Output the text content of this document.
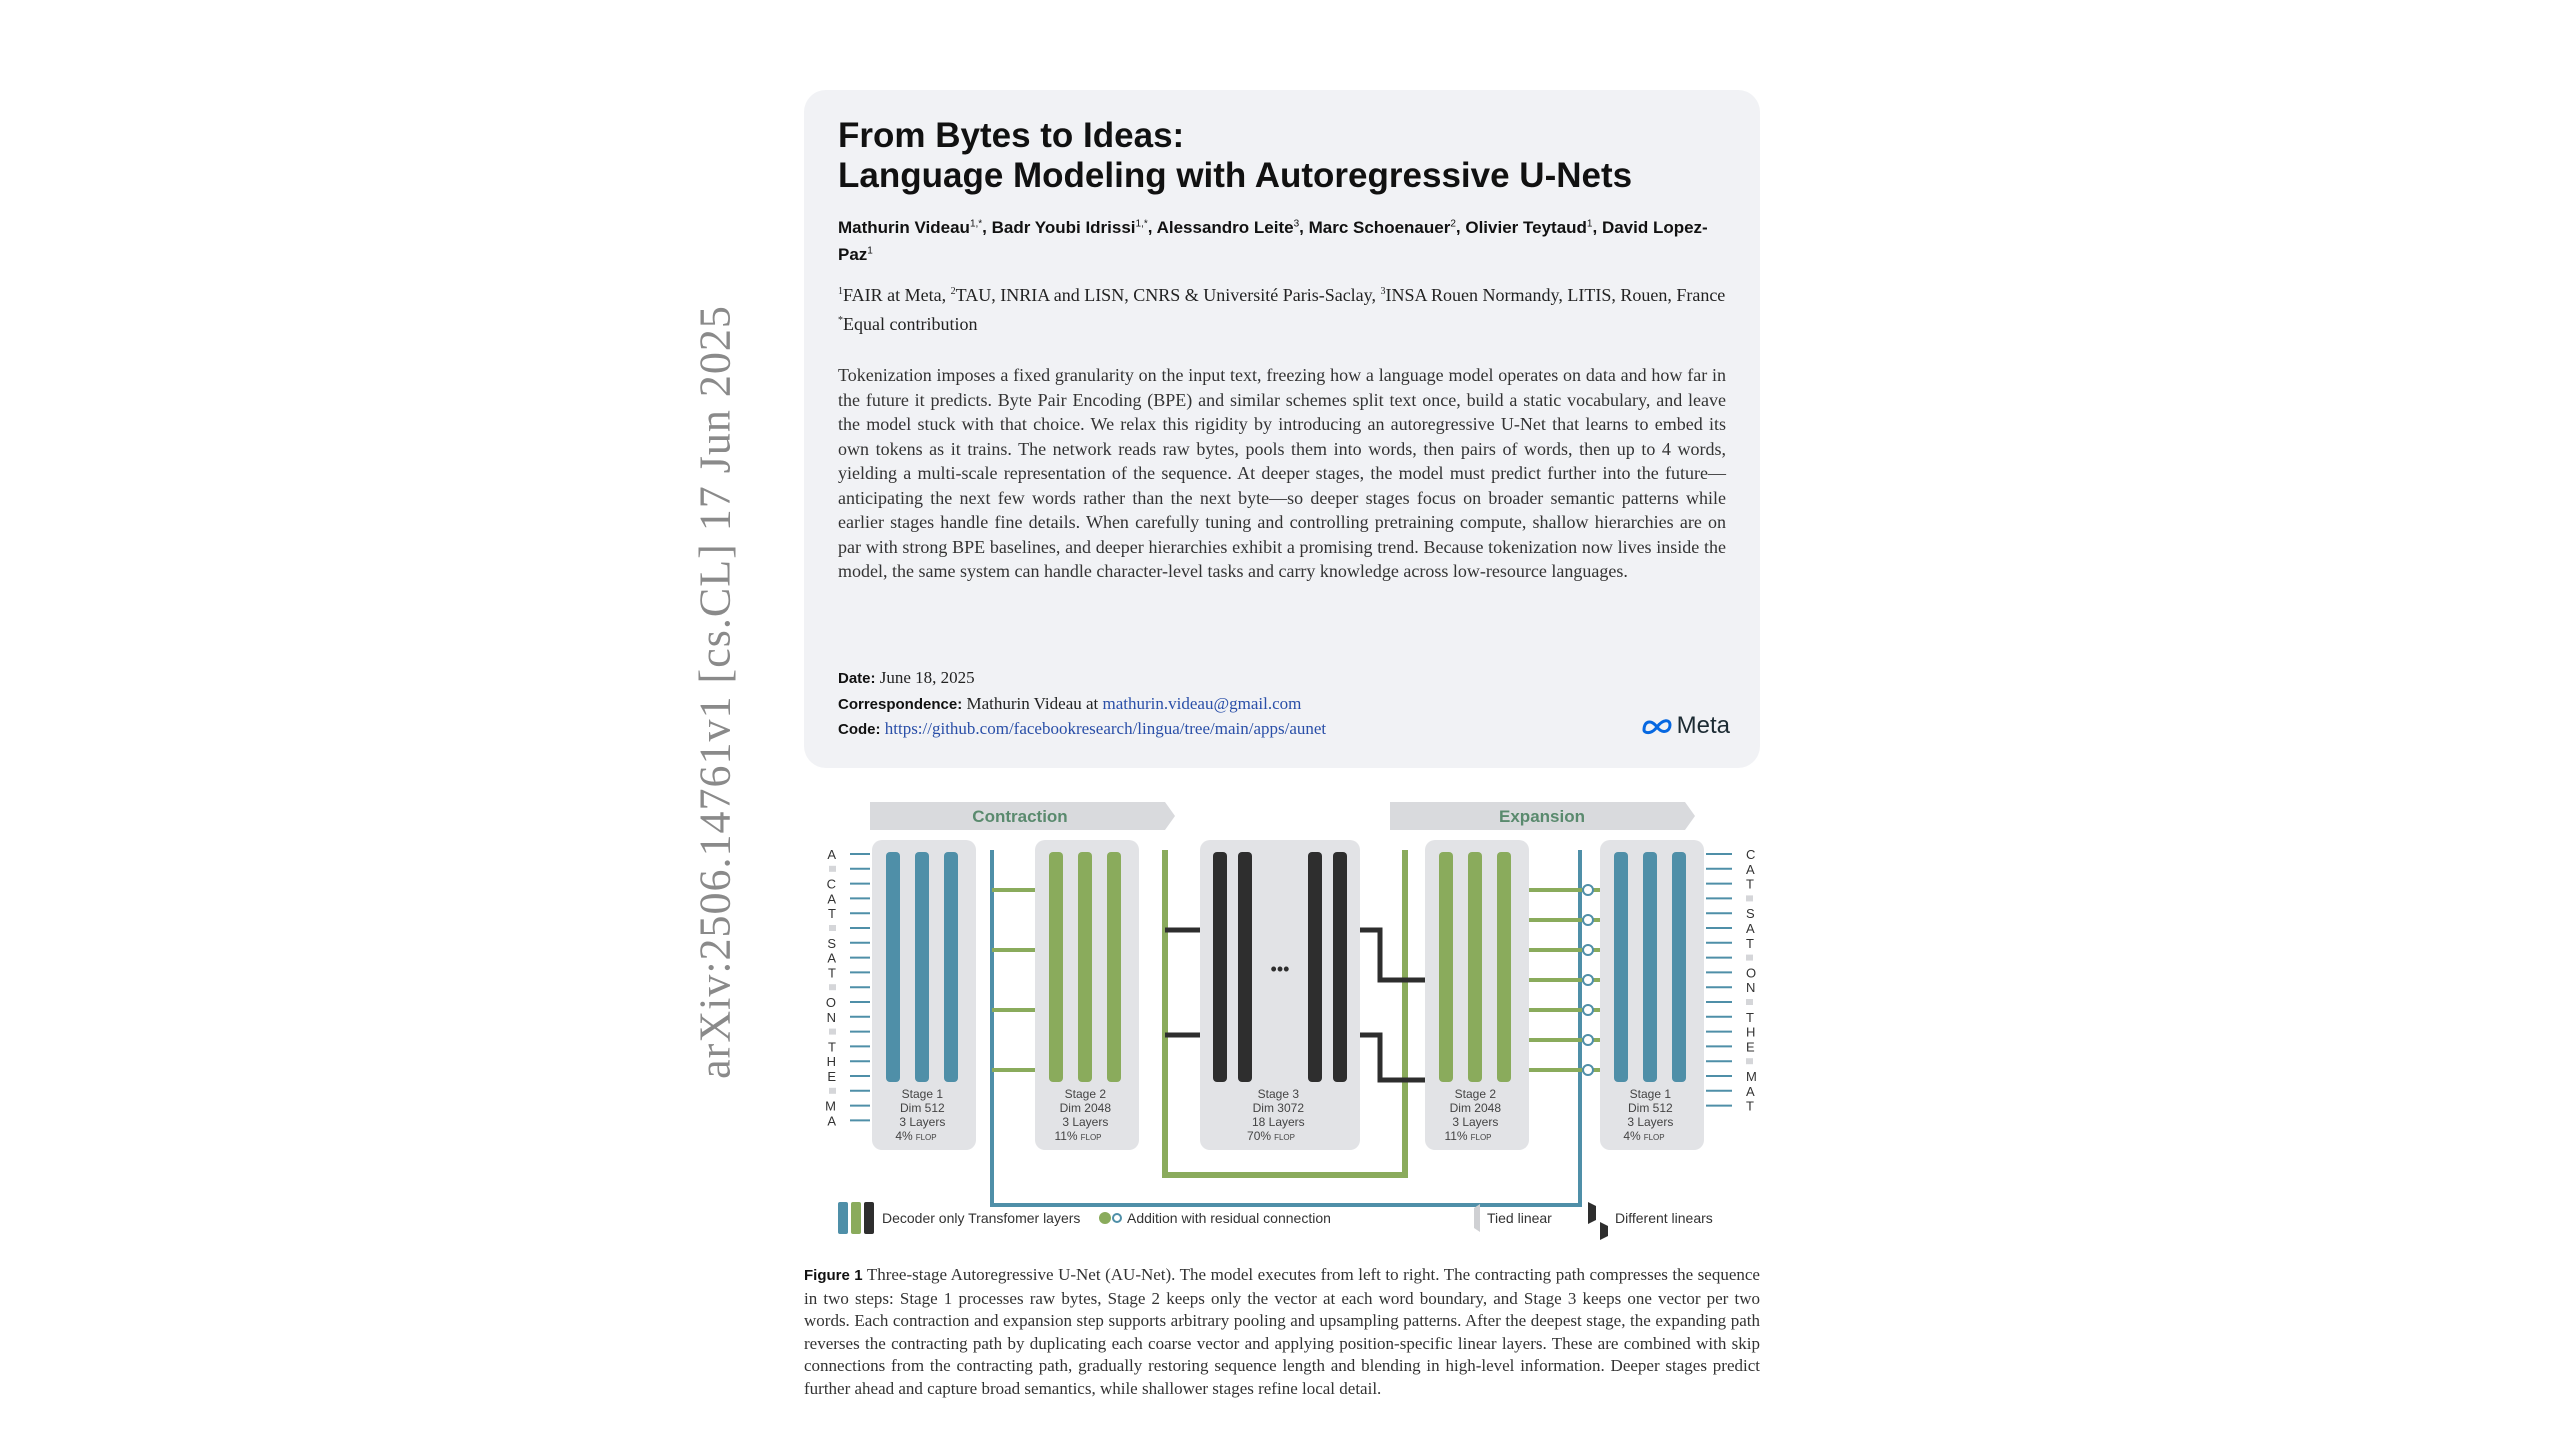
arXiv:2506.14761v1 [cs.CL] 17 Jun 2025
From Bytes to Ideas:
Language Modeling with Autoregressive U-Nets
Mathurin Videau$^{1,*}$, Badr Youbi Idrissi$^{1,*}$, Alessandro Leite$^3$, Marc Schoenauer$^2$, Olivier Teytaud$^1$, David Lopez-Paz$^1$
$^1$FAIR at Meta, $^2$TAU, INRIA and LISN, CNRS & Université Paris-Saclay, $^3$INSA Rouen Normandy, LITIS, Rouen, France
*Equal contribution
Tokenization imposes a fixed granularity on the input text, freezing how a language model operates on data and how far in the future it predicts. Byte Pair Encoding (BPE) and similar schemes split text once, build a static vocabulary, and leave the model stuck with that choice. We relax this rigidity by introducing an autoregressive U-Net that learns to embed its own tokens as it trains. The network reads raw bytes, pools them into words, then pairs of words, then up to 4 words, yielding a multi-scale representation of the sequence. At deeper stages, the model must predict further into the future—anticipating the next few words rather than the next byte—so deeper stages focus on broader semantic patterns while earlier stages handle fine details. When carefully tuning and controlling pretraining compute, shallow hierarchies are on par with strong BPE baselines, and deeper hierarchies exhibit a promising trend. Because tokenization now lives inside the model, the same system can handle character-level tasks and carry knowledge across low-resource languages.
Date: June 18, 2025
Correspondence: Mathurin Videau at mathurin.videau@gmail.com
Code: https://github.com/facebookresearch/lingua/tree/main/apps/aunet	Meta
Contraction	Expansion
•••
Stage 1 Dim 512 3 Layers 4% FLOP
Stage 2 Dim 2048 3 Layers 11% FLOP
Stage 3 Dim 3072 18 Layers 70% FLOP
Stage 2 Dim 2048 3 Layers 11% FLOP
Stage 1 Dim 512 3 Layers 4% FLOP
A
C
A
T
S
A
T
O
N
T
H
E
M
A
C
A
T
S
A
T
O
N
T
H
E
M
A
T
Decoder only Transfomer layers	Addition with residual connection	Tied linear	Different linears
Figure 1 Three-stage Autoregressive U-Net (AU-Net). The model executes from left to right. The contracting path compresses the sequence in two steps: Stage 1 processes raw bytes, Stage 2 keeps only the vector at each word boundary, and Stage 3 keeps one vector per two words. Each contraction and expansion step supports arbitrary pooling and upsampling patterns. After the deepest stage, the expanding path reverses the contracting path by duplicating each coarse vector and applying position-specific linear layers. These are combined with skip connections from the contracting path, gradually restoring sequence length and blending in high-level information. Deeper stages predict further ahead and capture broad semantics, while shallower stages refine local detail.
